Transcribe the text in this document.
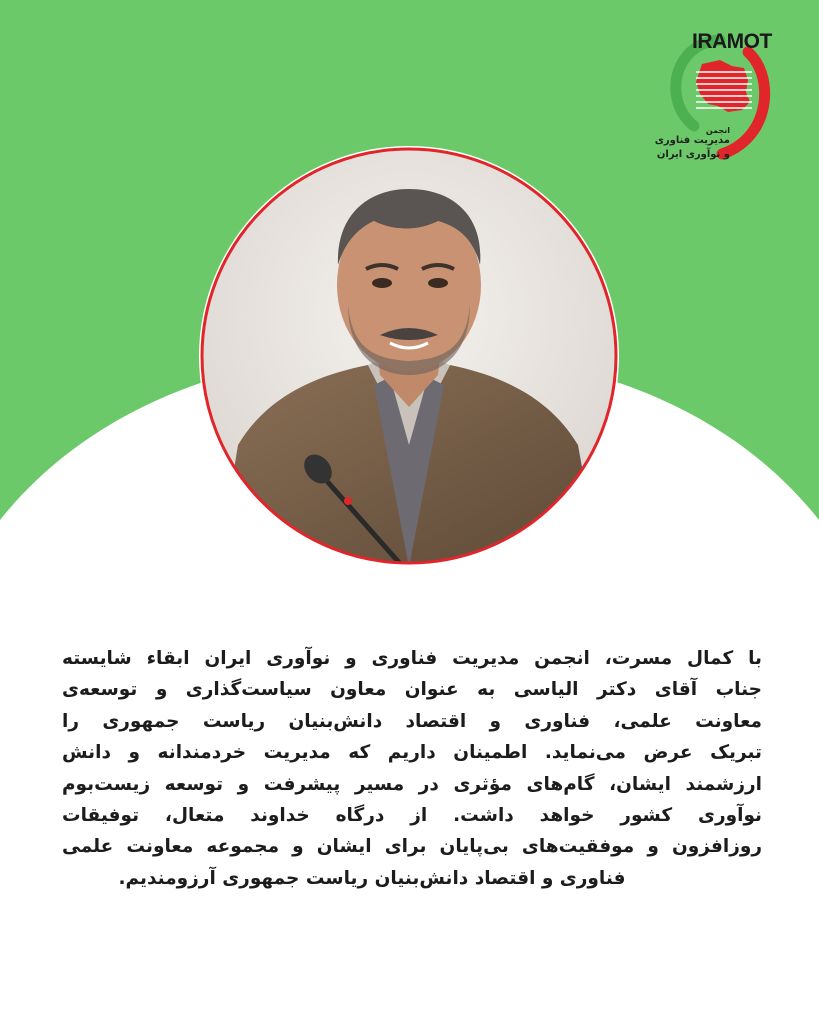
IRAMOT
انجمن
مدیریت فناوری
و نوآوری ایران
با کمال مسرت، انجمن مدیریت فناوری و نوآوری ایران ابقاء شایسته
جناب آقای دکتر الیاسی به عنوان معاون سیاست‌گذاری و توسعه‌ی
معاونت علمی، فناوری و اقتصاد دانش‌بنیان ریاست جمهوری را
تبریک عرض می‌نماید. اطمینان داریم که مدیریت خردمندانه و دانش
ارزشمند ایشان، گام‌های مؤثری در مسیر پیشرفت و توسعه زیست‌بوم
نوآوری کشور خواهد داشت. از درگاه خداوند متعال، توفیقات
روزافزون و موفقیت‌های بی‌پایان برای ایشان و مجموعه معاونت علمی
فناوری و اقتصاد دانش‌بنیان ریاست جمهوری آرزومندیم.
